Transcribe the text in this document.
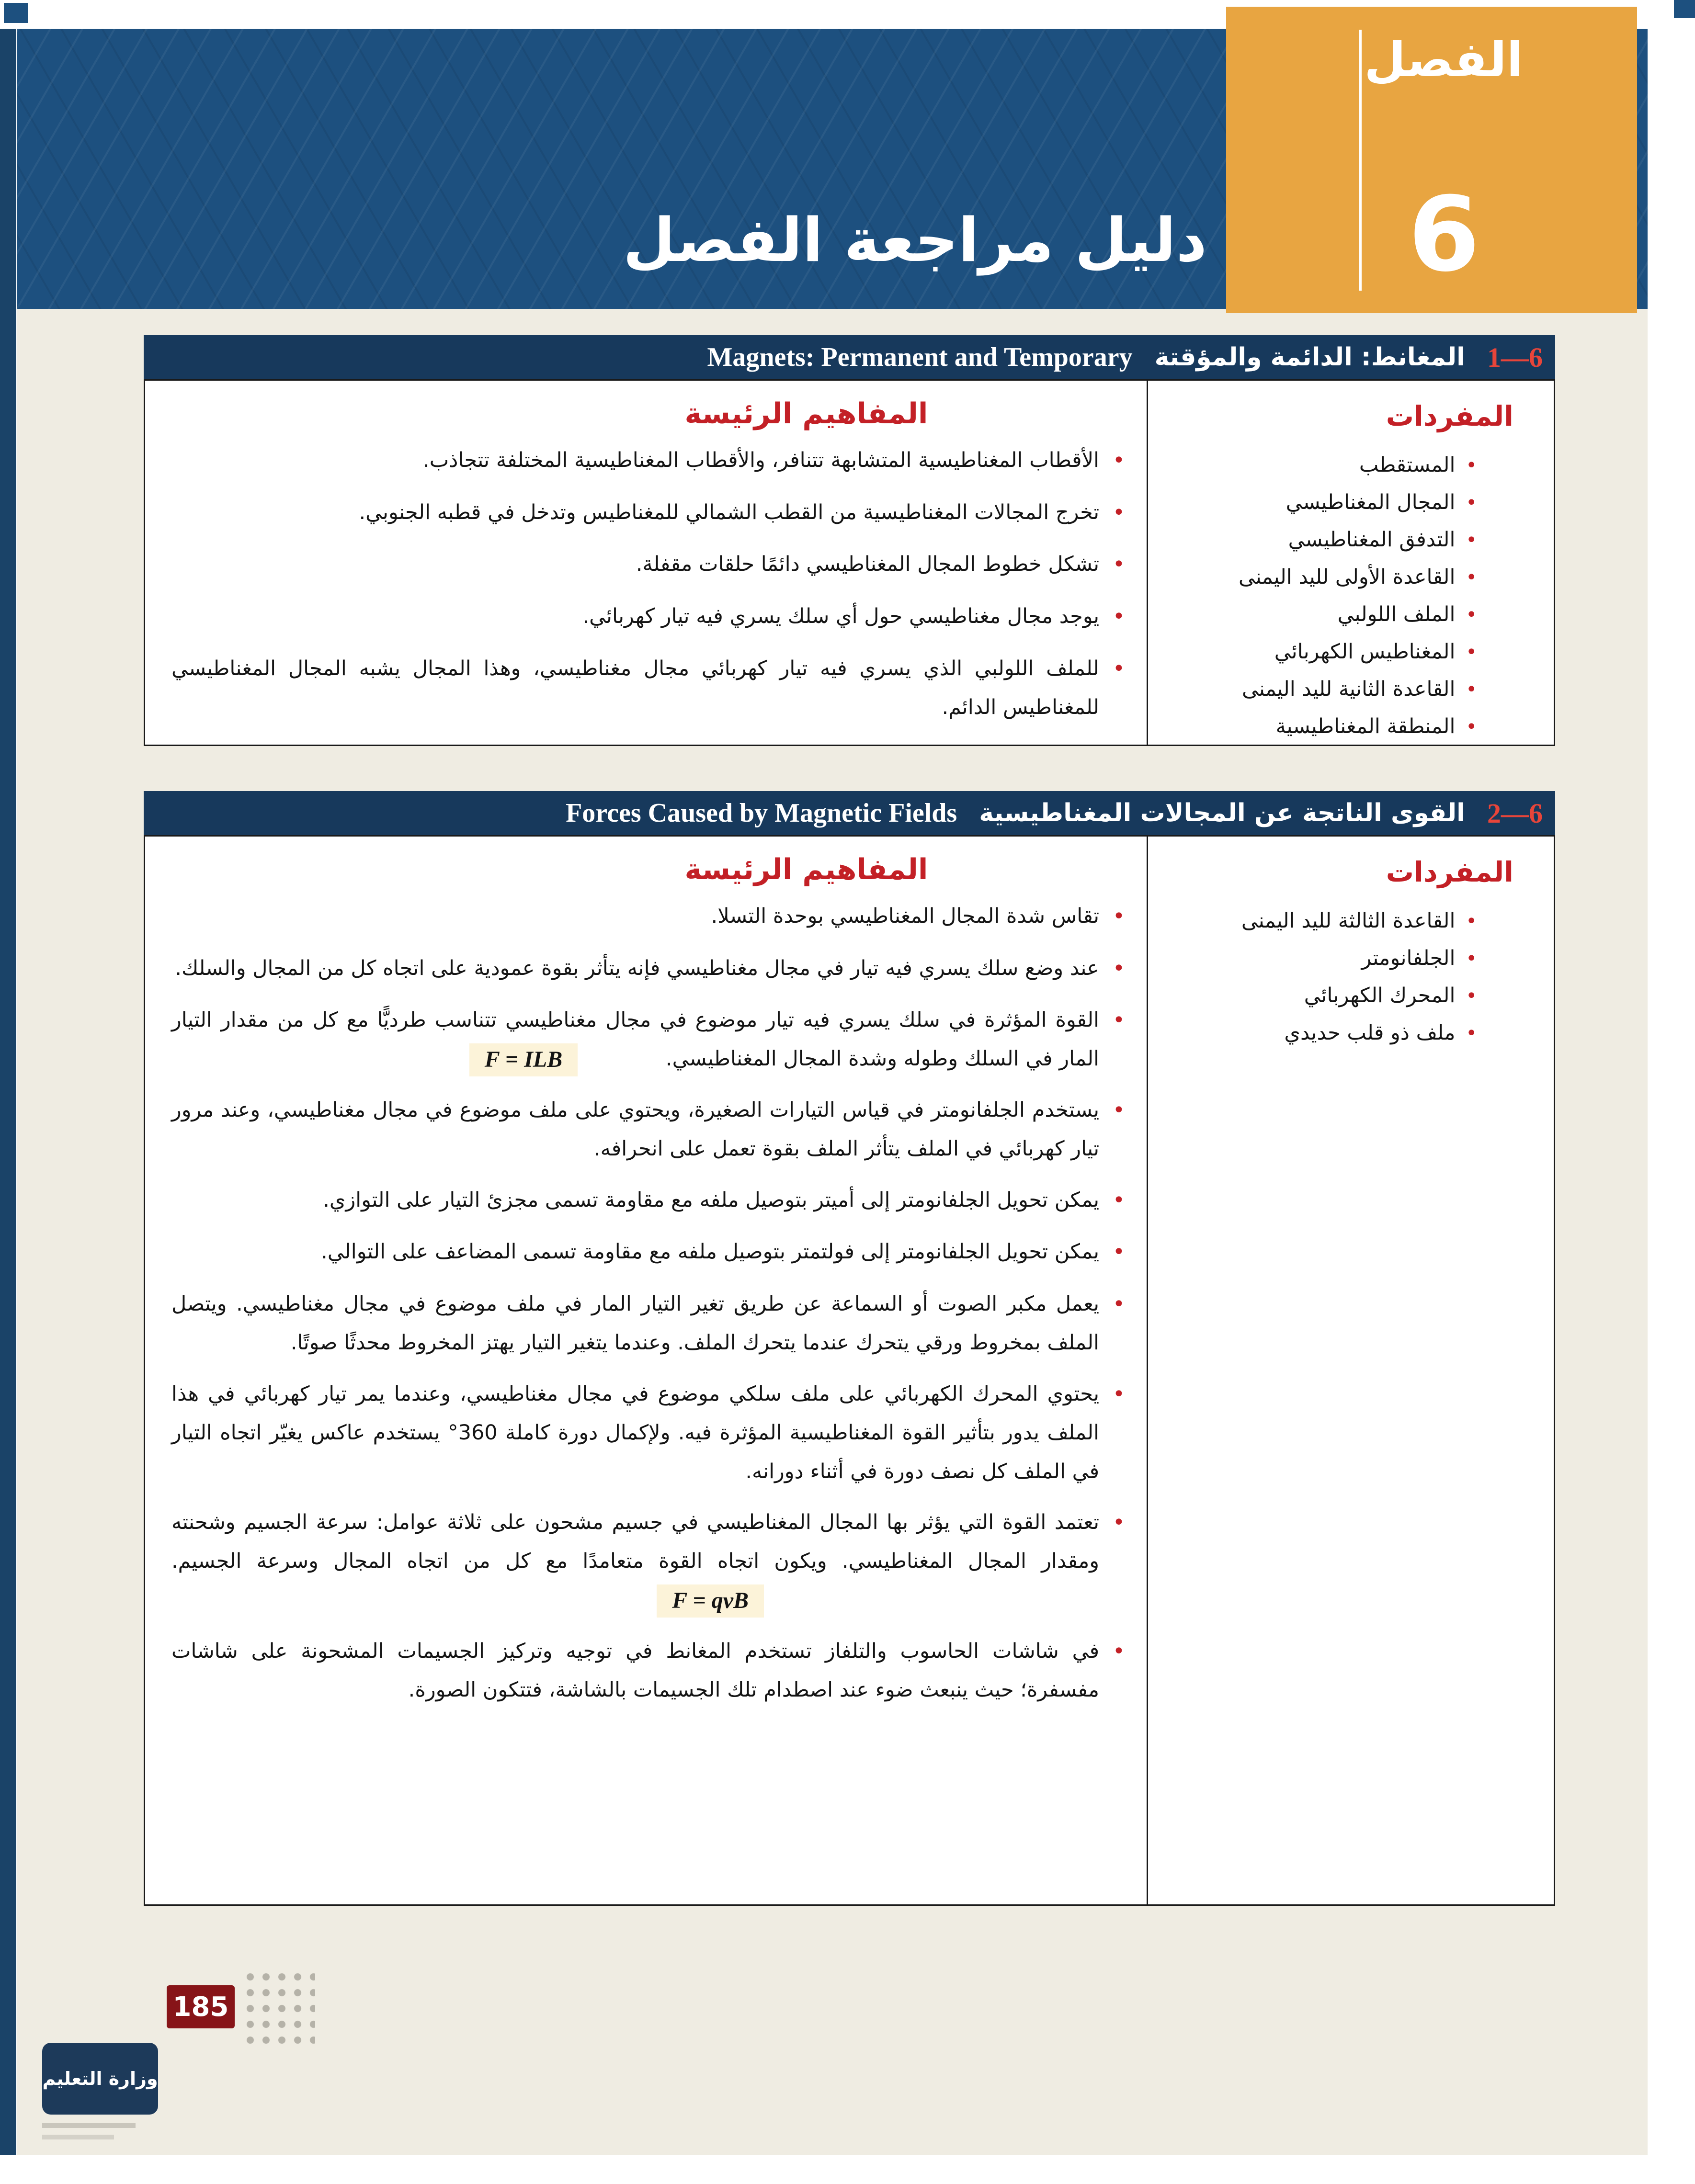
دليل مراجعة الفصل
الفصل
6
1—6
المغانط: الدائمة والمؤقتة
Magnets: Permanent and Temporary
المفردات
•
المستقطب
•
المجال المغناطيسي
•
التدفق المغناطيسي
•
القاعدة الأولى لليد اليمنى
•
الملف اللولبي
•
المغناطيس الكهربائي
•
القاعدة الثانية لليد اليمنى
•
المنطقة المغناطيسية
المفاهيم الرئيسة
•

الأقطاب المغناطيسية المتشابهة تتنافر، والأقطاب المغناطيسية المختلفة تتجاذب.

•

تخرج المجالات المغناطيسية من القطب الشمالي للمغناطيس وتدخل في قطبه الجنوبي.

•

تشكل خطوط المجال المغناطيسي دائمًا حلقات مقفلة.

•

يوجد مجال مغناطيسي حول أي سلك يسري فيه تيار كهربائي.

•

للملف اللولبي الذي يسري فيه تيار كهربائي مجال مغناطيسي، وهذا المجال يشبه المجال المغناطيسي للمغناطيس الدائم.

2—6
القوى الناتجة عن المجالات المغناطيسية
Forces Caused by Magnetic Fields
المفردات
•
القاعدة الثالثة لليد اليمنى
•
الجلفانومتر
•
المحرك الكهربائي
•
ملف ذو قلب حديدي
المفاهيم الرئيسة
•

تقاس شدة المجال المغناطيسي بوحدة التسلا.

•

عند وضع سلك يسري فيه تيار في مجال مغناطيسي فإنه يتأثر بقوة عمودية على اتجاه كل من المجال والسلك.

•

القوة المؤثرة في سلك يسري فيه تيار موضوع في مجال مغناطيسي تتناسب طرديًّا مع كل من مقدار التيار المار في السلك وطوله وشدة المجال المغناطيسي. F = ILB

•

يستخدم الجلفانومتر في قياس التيارات الصغيرة، ويحتوي على ملف موضوع في مجال مغناطيسي، وعند مرور تيار كهربائي في الملف يتأثر الملف بقوة تعمل على انحرافه.

•

يمكن تحويل الجلفانومتر إلى أميتر بتوصيل ملفه مع مقاومة تسمى مجزئ التيار على التوازي.

•

يمكن تحويل الجلفانومتر إلى فولتمتر بتوصيل ملفه مع مقاومة تسمى المضاعف على التوالي.

•

يعمل مكبر الصوت أو السماعة عن طريق تغير التيار المار في ملف موضوع في مجال مغناطيسي. ويتصل الملف بمخروط ورقي يتحرك عندما يتحرك الملف. وعندما يتغير التيار يهتز المخروط محدثًا صوتًا.

•

يحتوي المحرك الكهربائي على ملف سلكي موضوع في مجال مغناطيسي، وعندما يمر تيار كهربائي في هذا الملف يدور بتأثير القوة المغناطيسية المؤثرة فيه. ولإكمال دورة كاملة 360° يستخدم عاكس يغيّر اتجاه التيار في الملف كل نصف دورة في أثناء دورانه.

•

تعتمد القوة التي يؤثر بها المجال المغناطيسي في جسيم مشحون على ثلاثة عوامل: سرعة الجسيم وشحنته ومقدار المجال المغناطيسي. ويكون اتجاه القوة متعامدًا مع كل من اتجاه المجال وسرعة الجسيم. F = qvB

•

في شاشات الحاسوب والتلفاز تستخدم المغانط في توجيه وتركيز الجسيمات المشحونة على شاشات مفسفرة؛ حيث ينبعث ضوء عند اصطدام تلك الجسيمات بالشاشة، فتتكون الصورة.

185
وزارة التعليم
